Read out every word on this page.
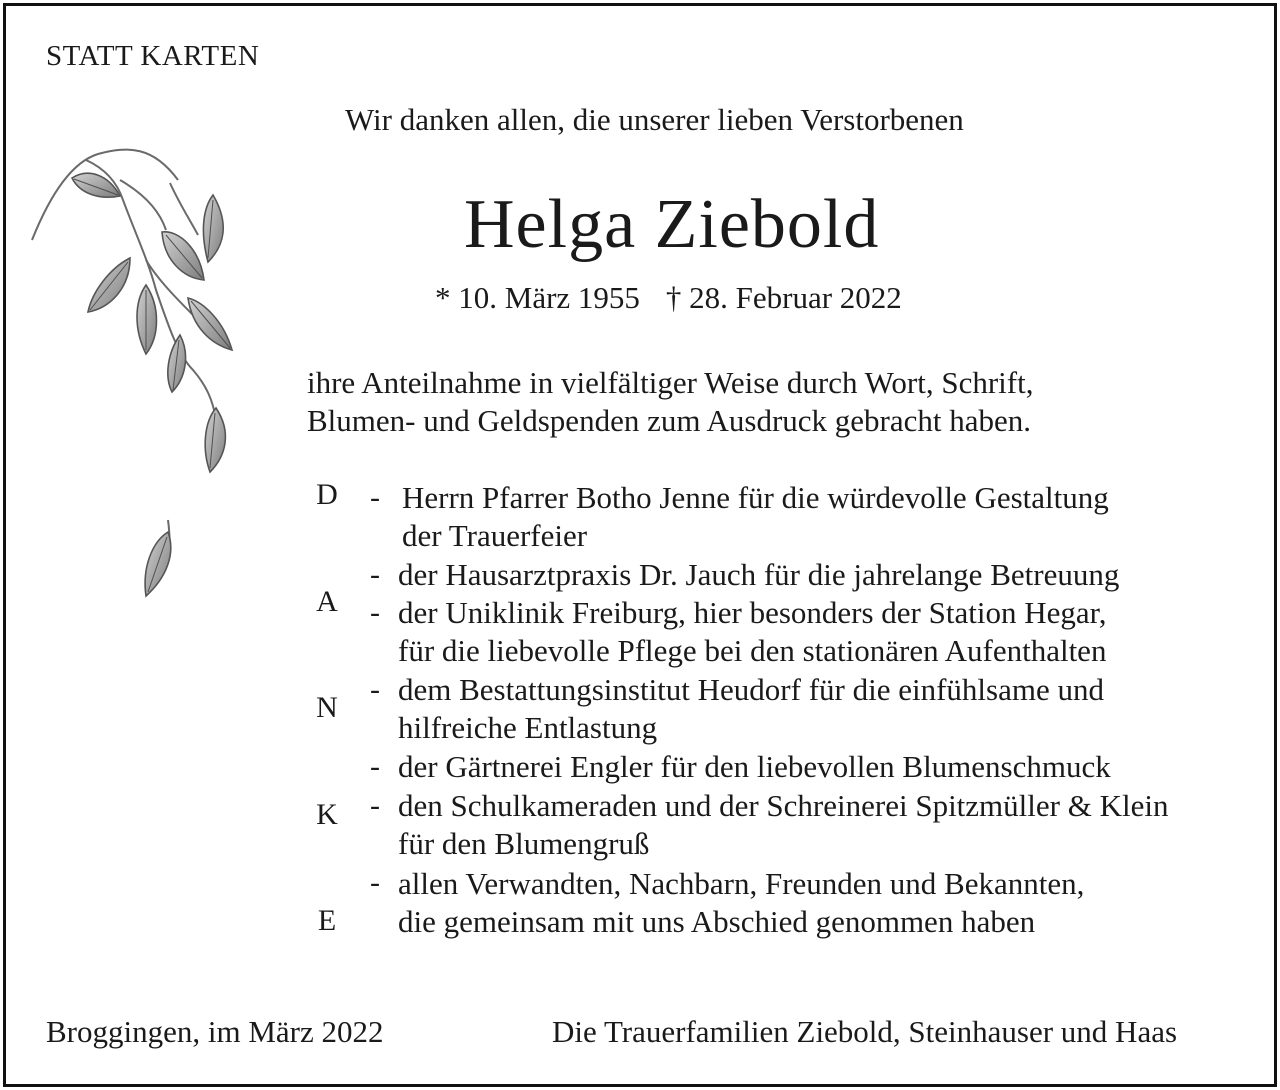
STATT KARTEN
Wir danken allen, die unserer lieben Verstorbenen
Helga Ziebold
* 10. März 1955 † 28. Februar 2022
ihre Anteilnahme in vielfältiger Weise durch Wort, Schrift,
Blumen- und Geldspenden zum Ausdruck gebracht haben.
D
A
N
K
E
- Herrn Pfarrer Botho Jenne für die würdevolle Gestaltung
der Trauerfeier
- der Hausarztpraxis Dr. Jauch für die jahrelange Betreuung
- der Uniklinik Freiburg, hier besonders der Station Hegar,
für die liebevolle Pflege bei den stationären Aufenthalten
- dem Bestattungsinstitut Heudorf für die einfühlsame und
hilfreiche Entlastung
- der Gärtnerei Engler für den liebevollen Blumenschmuck
- den Schulkameraden und der Schreinerei Spitzmüller & Klein
für den Blumengruß
- allen Verwandten, Nachbarn, Freunden und Bekannten,
die gemeinsam mit uns Abschied genommen haben
Broggingen, im März 2022	Die Trauerfamilien Ziebold, Steinhauser und Haas
